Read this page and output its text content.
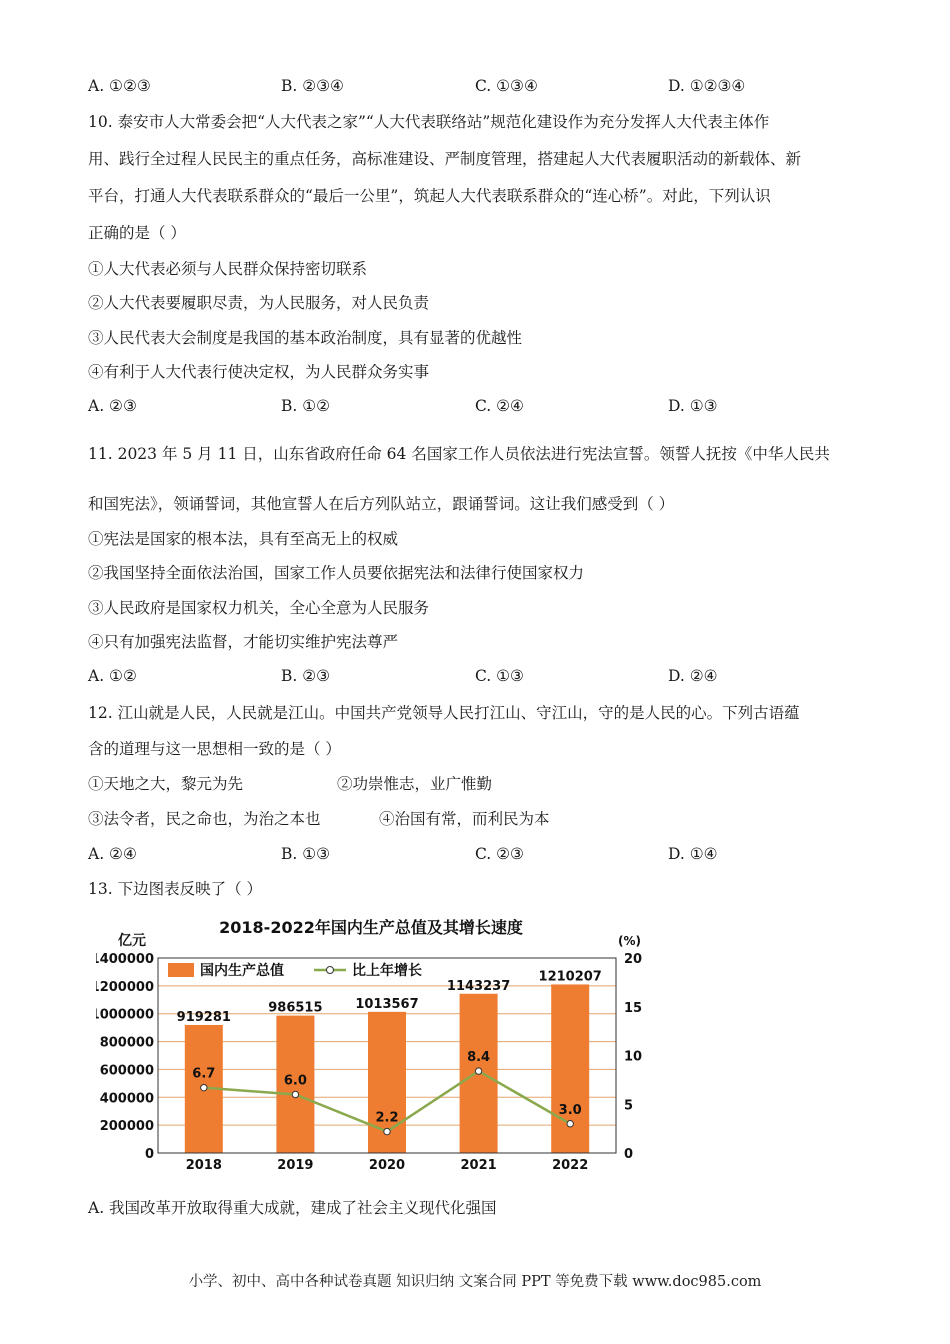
A. ①②③	B. ②③④	C. ①③④	D. ①②③④
10. 泰安市人大常委会把“人大代表之家”“人大代表联络站”规范化建设作为充分发挥人大代表主体作
用、践行全过程人民民主的重点任务，高标准建设、严制度管理，搭建起人大代表履职活动的新载体、新
平台，打通人大代表联系群众的“最后一公里”，筑起人大代表联系群众的“连心桥”。对此，下列认识
正确的是（ ）
①人大代表必须与人民群众保持密切联系
②人大代表要履职尽责，为人民服务，对人民负责
③人民代表大会制度是我国的基本政治制度，具有显著的优越性
④有利于人大代表行使决定权，为人民群众务实事
A. ②③	B. ①②	C. ②④	D. ①③
11. 2023 年 5 月 11 日，山东省政府任命 64 名国家工作人员依法进行宪法宣誓。领誓人抚按《中华人民共
和国宪法》，领诵誓词，其他宣誓人在后方列队站立，跟诵誓词。这让我们感受到（ ）
①宪法是国家的根本法，具有至高无上的权威
②我国坚持全面依法治国，国家工作人员要依据宪法和法律行使国家权力
③人民政府是国家权力机关，全心全意为人民服务
④只有加强宪法监督，才能切实维护宪法尊严
A. ①②	B. ②③	C. ①③	D. ②④
12. 江山就是人民，人民就是江山。中国共产党领导人民打江山、守江山，守的是人民的心。下列古语蕴
含的道理与这一思想相一致的是（ ）
①天地之大，黎元为先	②功崇惟志，业广惟勤
③法令者，民之命也，为治之本也	④治国有常，而利民为本
A. ②④	B. ①③	C. ②③	D. ①④
13. 下边图表反映了（ ）
2018-2022年国内生产总值及其增长速度
亿元	(%)
919281
986515	1013567
1143237
1210207
6.7	6.0
2.2
8.4
3.0
0
200000
400000
600000
800000
1000000
1200000
1400000
0
5
10
15
20
2018	2019	2020	2021	2022
国内生产总值	比上年增长
A. 我国改革开放取得重大成就，建成了社会主义现代化强国
小学、初中、高中各种试卷真题 知识归纳 文案合同 PPT 等免费下载 www.doc985.com
